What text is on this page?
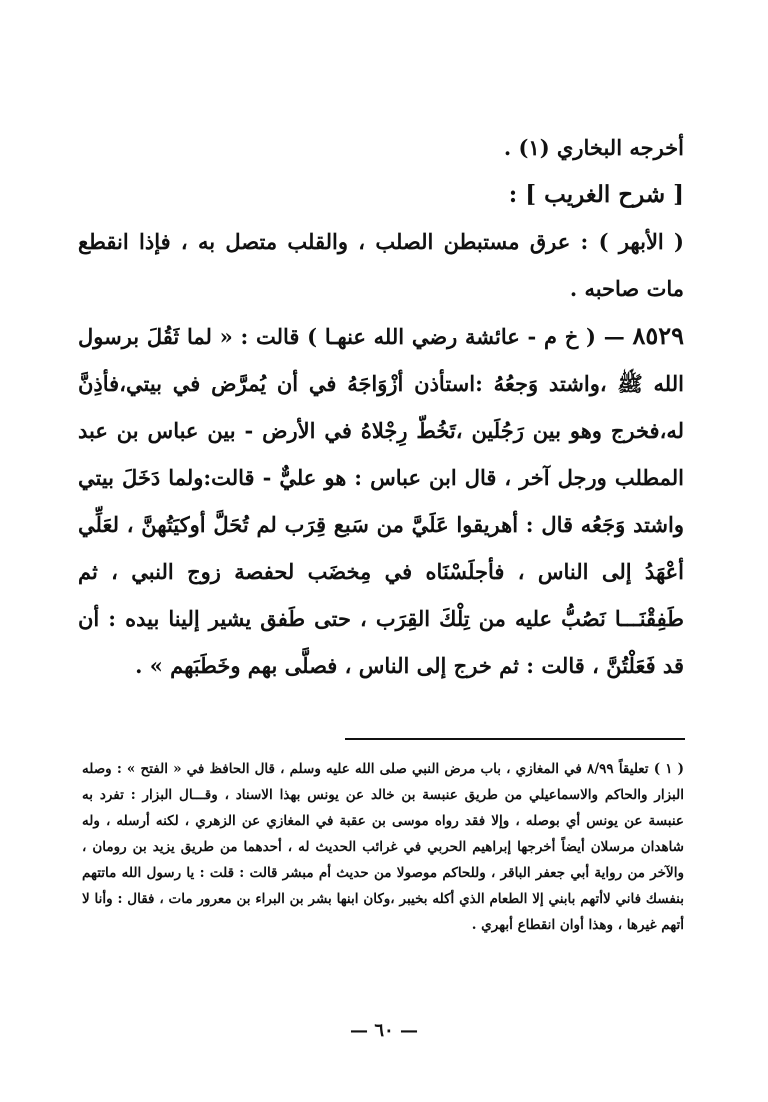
أخرجه البخاري (١) .

[ شرح الغريب ] :

( الأبهر ) : عرق مستبطن الصلب ، والقلب متصل به ، فإذا انقطع مات صاحبه .

٨٥٢٩ — ( خ م - عائشة رضي الله عنهـا ) قالت : « لما ثَقُلَ برسول الله ﷺ ،واشتد وَجعُهُ :استأذن أزْوَاجَهُ في أن يُمرَّض في بيتي،فأذِنَّ له،فخرج وهو بين رَجُلَين ،تَخُطّ رِجْلاهُ في الأرض - بين عباس بن عبد المطلب ورجل آخر ، قال ابن عباس : هو عليٌّ - قالت:ولما دَخَلَ بيتي واشتد وَجَعُه قال : أهريقوا عَلَيَّ من سَبع قِرَب لم تُحَلَّ أوكيَتُهنَّ ، لعَلِّي أعْهَدُ إلى الناس ، فأجلَسْنَاه في مِخضَب لحفصة زوج النبي ، ثم طَفِقْنَـــا نَصُبُّ عليه من تِلْكَ القِرَب ، حتى طَفق يشير إلينا بيده : أن قد فَعَلْتُنَّ ، قالت : ثم خرج إلى الناس ، فصلَّى بهم وخَطَبَهم » .

( ١ ) تعليقاً ٨/٩٩ في المغازي ، باب مرض النبي صلى الله عليه وسلم ، قال الحافظ في « الفتح » : وصله البزار والحاكم والاسماعيلي من طريق عنبسة بن خالد عن يونس بهذا الاسناد ، وقـــال البزار : تفرد به عنبسة عن يونس أي بوصله ، وإلا فقد رواه موسى بن عقبة في المغازي عن الزهري ، لكنه أرسله ، وله شاهدان مرسلان أيضاً أخرجها إبراهيم الحربي في غرائب الحديث له ، أحدهما من طريق يزيد بن رومان ، والآخر من رواية أبي جعفر الباقر ، وللحاكم موصولا من حديث أم مبشر قالت : قلت : يا رسول الله ماتتهم بنفسك فاني لاأتهم بابني إلا الطعام الذي أكله بخيبر ،وكان ابنها بشر بن البراء بن معرور مات ، فقال : وأنا لا أتهم غيرها ، وهذا أوان انقطاع أبهري .

— ٦٠ —
